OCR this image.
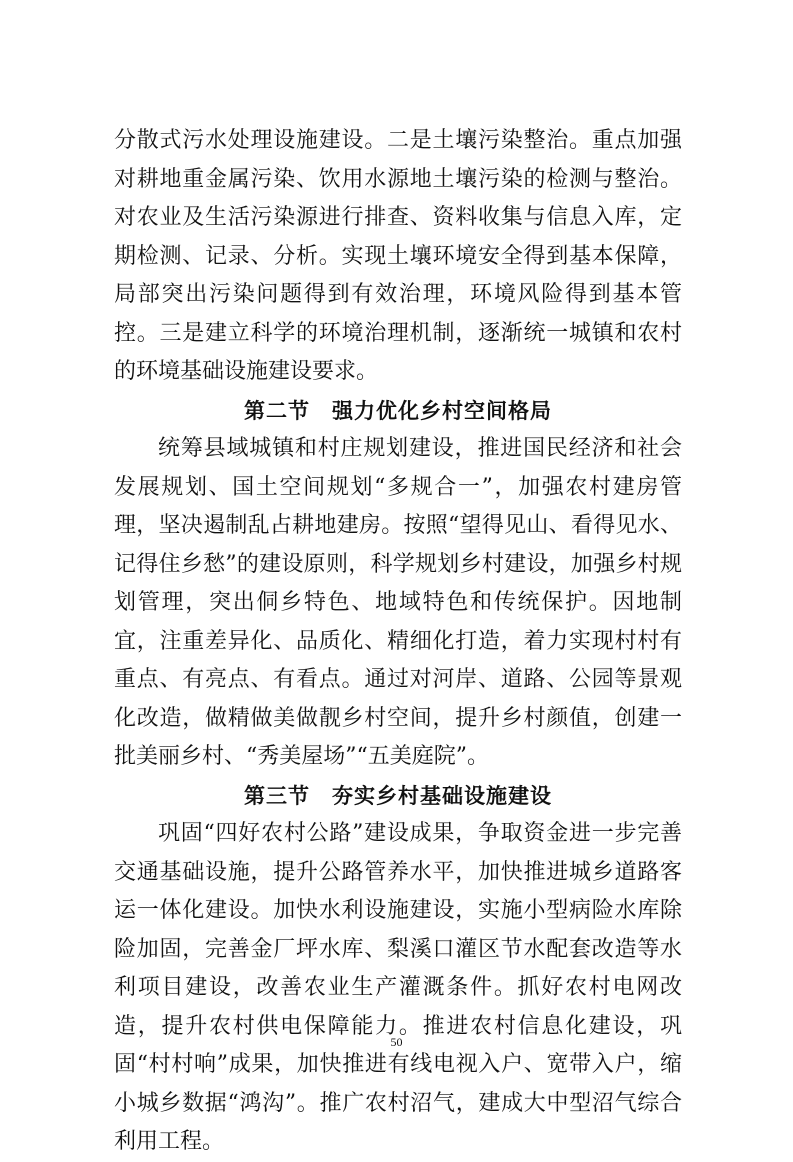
分散式污水处理设施建设。二是土壤污染整治。重点加强对耕地重金属污染、饮用水源地土壤污染的检测与整治。对农业及生活污染源进行排查、资料收集与信息入库，定期检测、记录、分析。实现土壤环境安全得到基本保障，局部突出污染问题得到有效治理，环境风险得到基本管控。三是建立科学的环境治理机制，逐渐统一城镇和农村的环境基础设施建设要求。

第二节　强力优化乡村空间格局

统筹县域城镇和村庄规划建设，推进国民经济和社会发展规划、国土空间规划“多规合一”，加强农村建房管理，坚决遏制乱占耕地建房。按照“望得见山、看得见水、记得住乡愁”的建设原则，科学规划乡村建设，加强乡村规划管理，突出侗乡特色、地域特色和传统保护。因地制宜，注重差异化、品质化、精细化打造，着力实现村村有重点、有亮点、有看点。通过对河岸、道路、公园等景观化改造，做精做美做靓乡村空间，提升乡村颜值，创建一批美丽乡村、“秀美屋场”“五美庭院”。

第三节　夯实乡村基础设施建设

巩固“四好农村公路”建设成果，争取资金进一步完善交通基础设施，提升公路管养水平，加快推进城乡道路客运一体化建设。加快水利设施建设，实施小型病险水库除险加固，完善金厂坪水库、梨溪口灌区节水配套改造等水利项目建设，改善农业生产灌溉条件。抓好农村电网改造，提升农村供电保障能力。推进农村信息化建设，巩固“村村响”成果，加快推进有线电视入户、宽带入户，缩小城乡数据“鸿沟”。推广农村沼气，建成大中型沼气综合利用工程。

50
